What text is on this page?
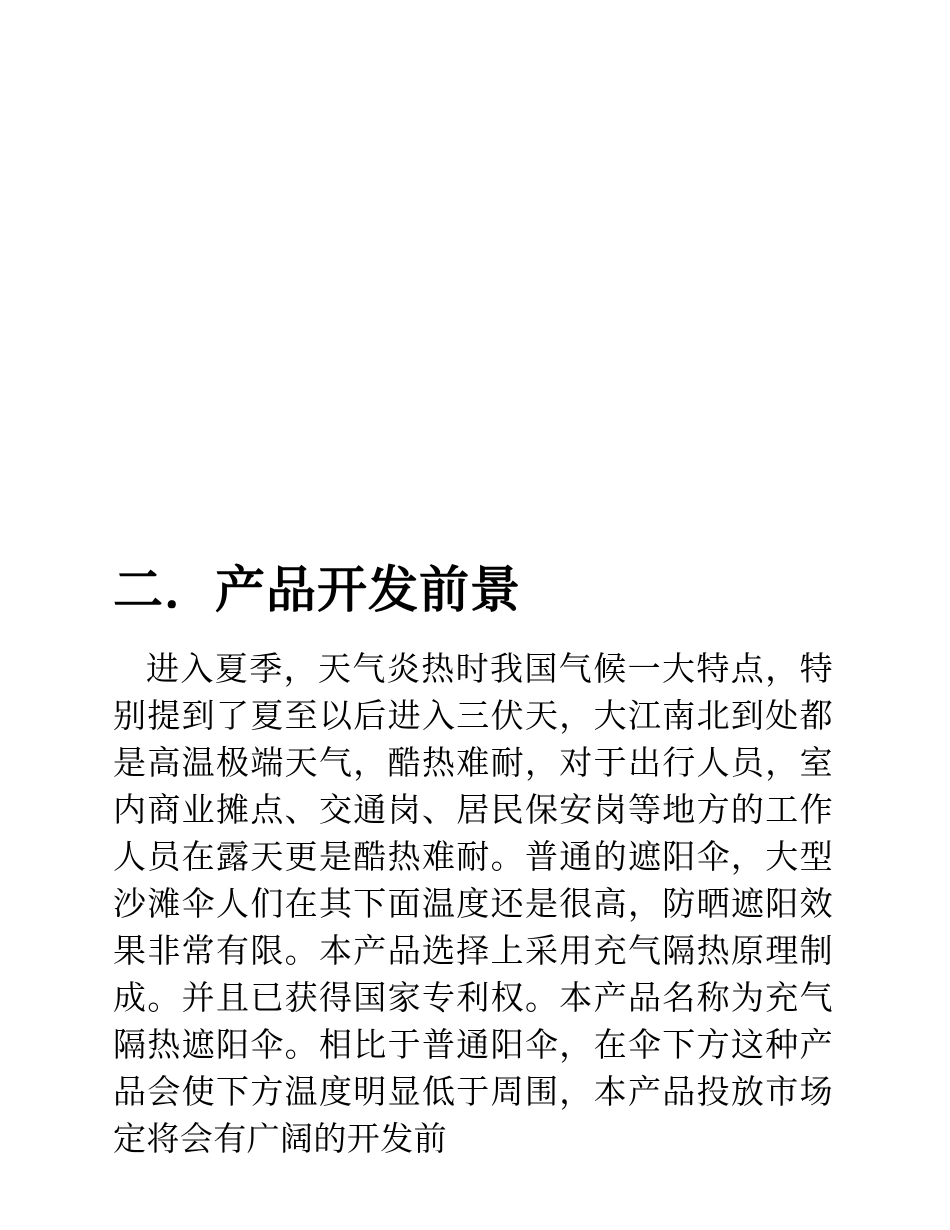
二．产品开发前景

进入夏季，天气炎热时我国气候一大特点，特别提到了夏至以后进入三伏天，大江南北到处都是高温极端天气，酷热难耐，对于出行人员，室内商业摊点、交通岗、居民保安岗等地方的工作人员在露天更是酷热难耐。普通的遮阳伞，大型沙滩伞人们在其下面温度还是很高，防晒遮阳效果非常有限。本产品选择上采用充气隔热原理制成。并且已获得国家专利权。本产品名称为充气隔热遮阳伞。相比于普通阳伞，在伞下方这种产品会使下方温度明显低于周围，本产品投放市场定将会有广阔的开发前
